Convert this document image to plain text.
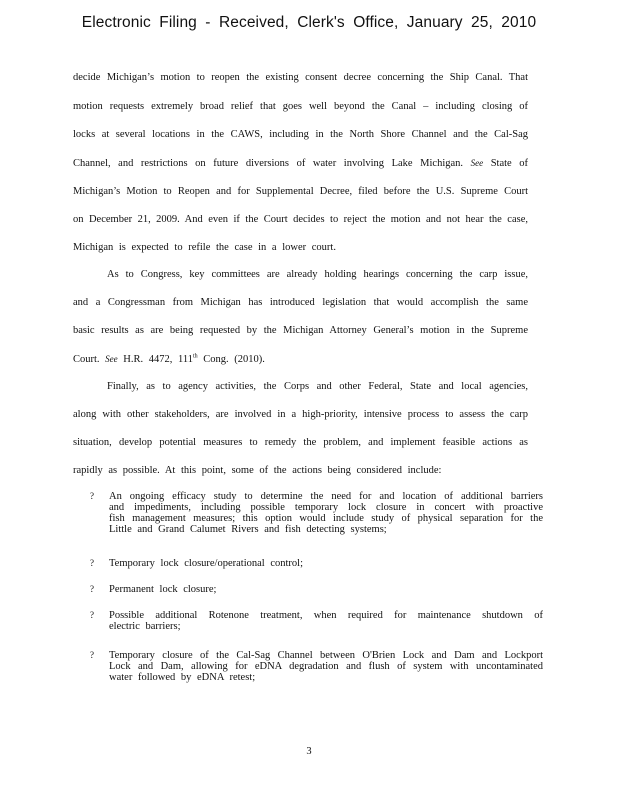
Electronic Filing - Received, Clerk's Office, January 25, 2010
decide Michigan’s motion to reopen the existing consent decree concerning the Ship Canal. That
motion requests extremely broad relief that goes well beyond the Canal – including closing of
locks at several locations in the CAWS, including in the North Shore Channel and the Cal-Sag
Channel, and restrictions on future diversions of water involving Lake Michigan. See State of
Michigan’s Motion to Reopen and for Supplemental Decree, filed before the U.S. Supreme Court
on December 21, 2009. And even if the Court decides to reject the motion and not hear the case,
Michigan is expected to refile the case in a lower court.
As to Congress, key committees are already holding hearings concerning the carp issue,
and a Congressman from Michigan has introduced legislation that would accomplish the same
basic results as are being requested by the Michigan Attorney General’s motion in the Supreme
Court. See H.R. 4472, 111th Cong. (2010).
Finally, as to agency activities, the Corps and other Federal, State and local agencies,
along with other stakeholders, are involved in a high-priority, intensive process to assess the carp
situation, develop potential measures to remedy the problem, and implement feasible actions as
rapidly as possible. At this point, some of the actions being considered include:
? An ongoing efficacy study to determine the need for and location of additional barriers
and impediments, including possible temporary lock closure in concert with proactive
fish management measures; this option would include study of physical separation for the
Little and Grand Calumet Rivers and fish detecting systems;
? Temporary lock closure/operational control;
? Permanent lock closure;
? Possible additional Rotenone treatment, when required for maintenance shutdown of
electric barriers;
? Temporary closure of the Cal-Sag Channel between O'Brien Lock and Dam and Lockport
Lock and Dam, allowing for eDNA degradation and flush of system with uncontaminated
water followed by eDNA retest;
3
